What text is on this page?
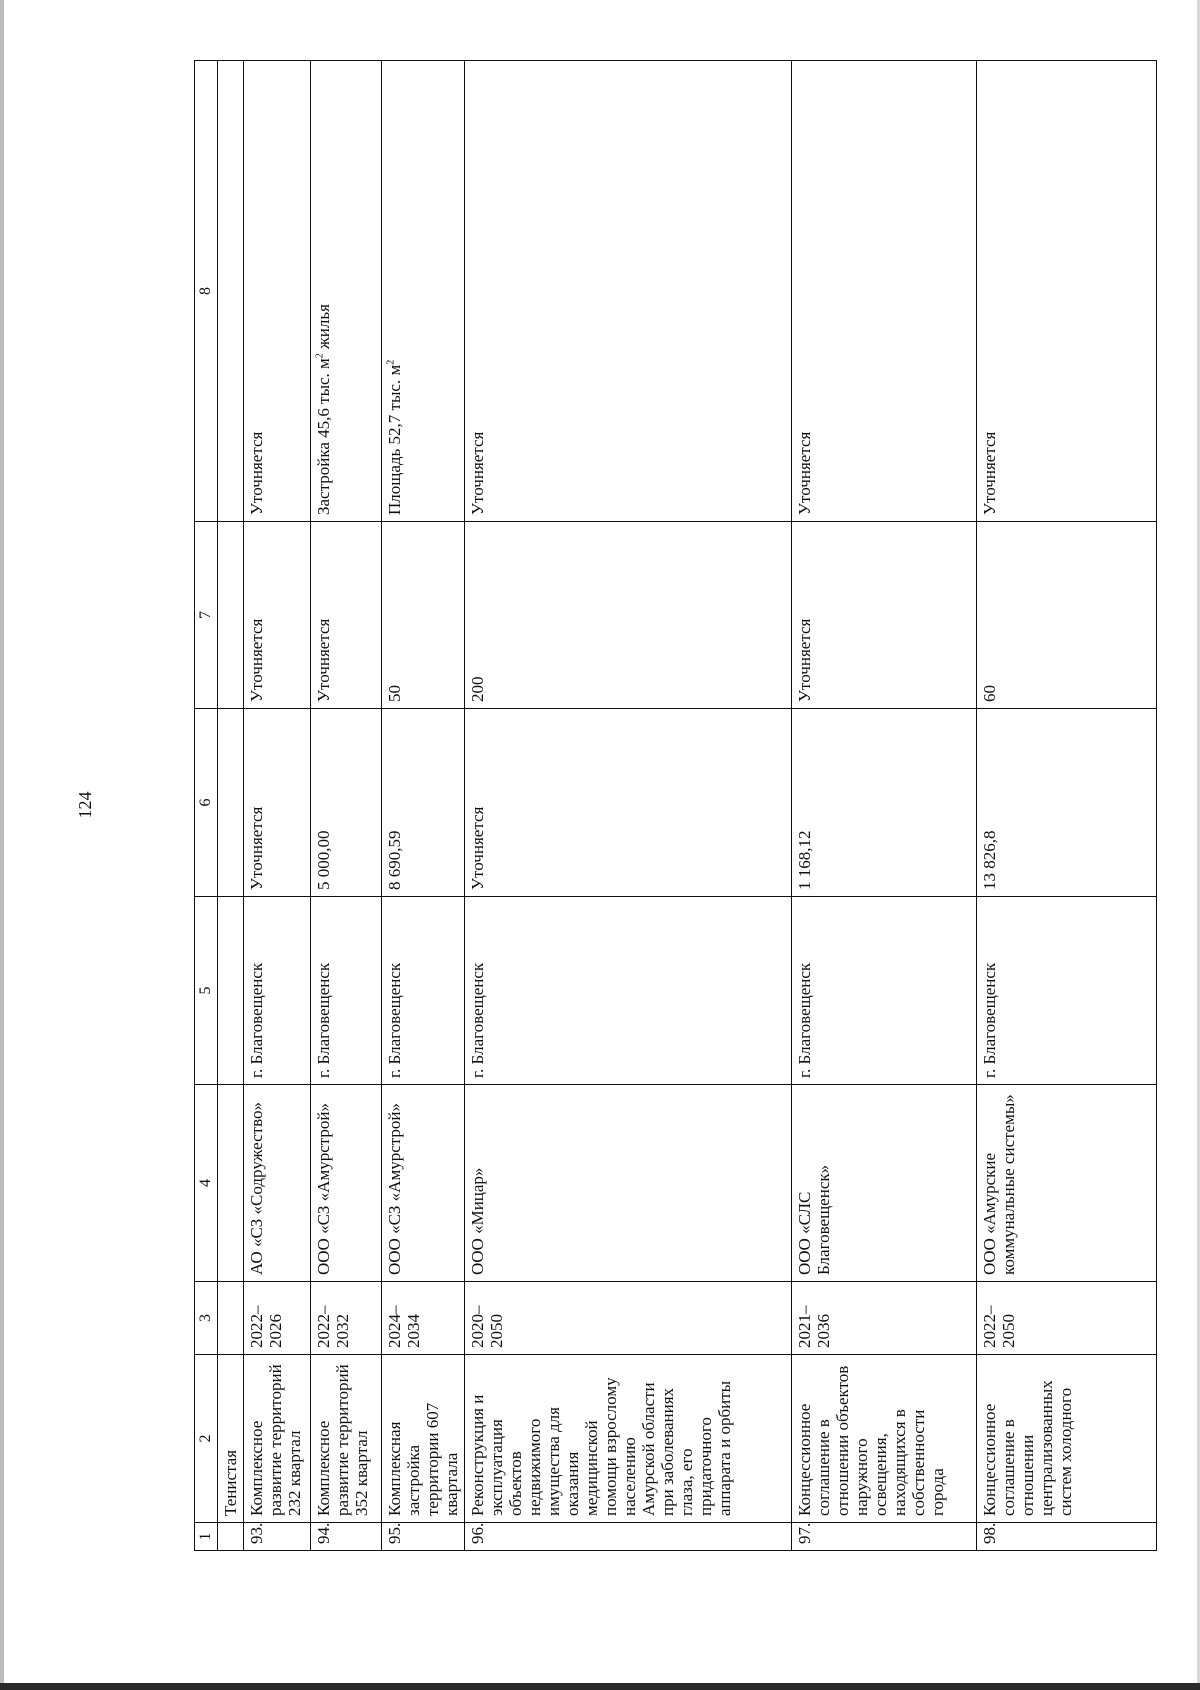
124
1	2	3	4	5	6	7	8
	Тенистая						
93.	Комплексное развитие территорий 232 квартал	2022–2026	АО «СЗ «Содружество»	г. Благовещенск	Уточняется	Уточняется	Уточняется
94.	Комплексное развитие территорий 352 квартал	2022–2032	ООО «СЗ «Амурстрой»	г. Благовещенск	5 000,00	Уточняется	Застройка 45,6 тыс. $м^2$ жилья
95.	Комплексная застройка территории 607 квартала	2024–2034	ООО «СЗ «Амурстрой»	г. Благовещенск	8 690,59	50	Площадь 52,7 тыс. $м^2$
96.	Реконструкция и эксплуатация объектов недвижимого имущества для оказания медицинской помощи взрослому населению Амурской области при заболеваниях глаза, его придаточного аппарата и орбиты	2020–2050	ООО «Мицар»	г. Благовещенск	Уточняется	200	Уточняется
97.	Концессионное соглашение в отношении объектов наружного освещения, находящихся в собственности города	2021–2036	ООО «СЛС Благовещенск»	г. Благовещенск	1 168,12	Уточняется	Уточняется
98.	Концессионное соглашение в отношении централизованных систем холодного	2022–2050	ООО «Амурские коммунальные системы»	г. Благовещенск	13 826,8	60	Уточняется
